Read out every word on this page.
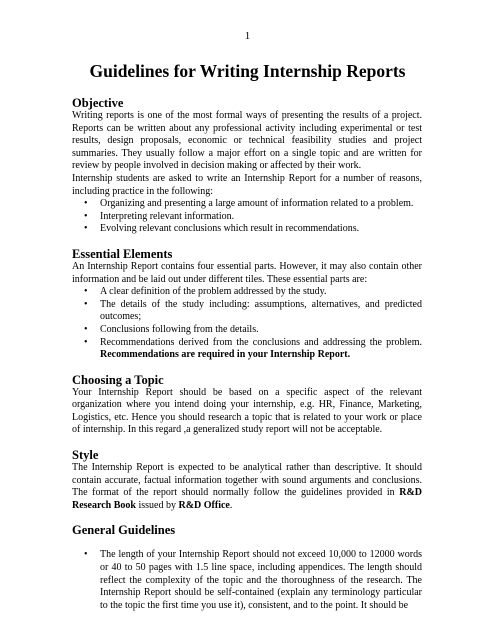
1
Guidelines for Writing Internship Reports
Objective

Writing reports is one of the most formal ways of presenting the results of a project. Reports can be written about any professional activity including experimental or test results, design proposals, economic or technical feasibility studies and project summaries. They usually follow a major effort on a single topic and are written for review by people involved in decision making or affected by their work.

Internship students are asked to write an Internship Report for a number of reasons, including practice in the following:

• Organizing and presenting a large amount of information related to a problem.
• Interpreting relevant information.
• Evolving relevant conclusions which result in recommendations.
Essential Elements

An Internship Report contains four essential parts. However, it may also contain other information and be laid out under different tiles. These essential parts are:

• A clear definition of the problem addressed by the study.
• The details of the study including: assumptions, alternatives, and predicted outcomes;
• Conclusions following from the details.
• Recommendations derived from the conclusions and addressing the problem. Recommendations are required in your Internship Report.
Choosing a Topic

Your Internship Report should be based on a specific aspect of the relevant organization where you intend doing your internship, e.g. HR, Finance, Marketing, Logistics, etc. Hence you should research a topic that is related to your work or place of internship. In this regard ,a generalized study report will not be acceptable.

Style

The Internship Report is expected to be analytical rather than descriptive. It should contain accurate, factual information together with sound arguments and conclusions. The format of the report should normally follow the guidelines provided in R&D Research Book issued by R&D Office.

General Guidelines
• The length of your Internship Report should not exceed 10,000 to 12000 words or 40 to 50 pages with 1.5 line space, including appendices. The length should reflect the complexity of the topic and the thoroughness of the research. The Internship Report should be self-contained (explain any terminology particular to the topic the first time you use it), consistent, and to the point. It should be
